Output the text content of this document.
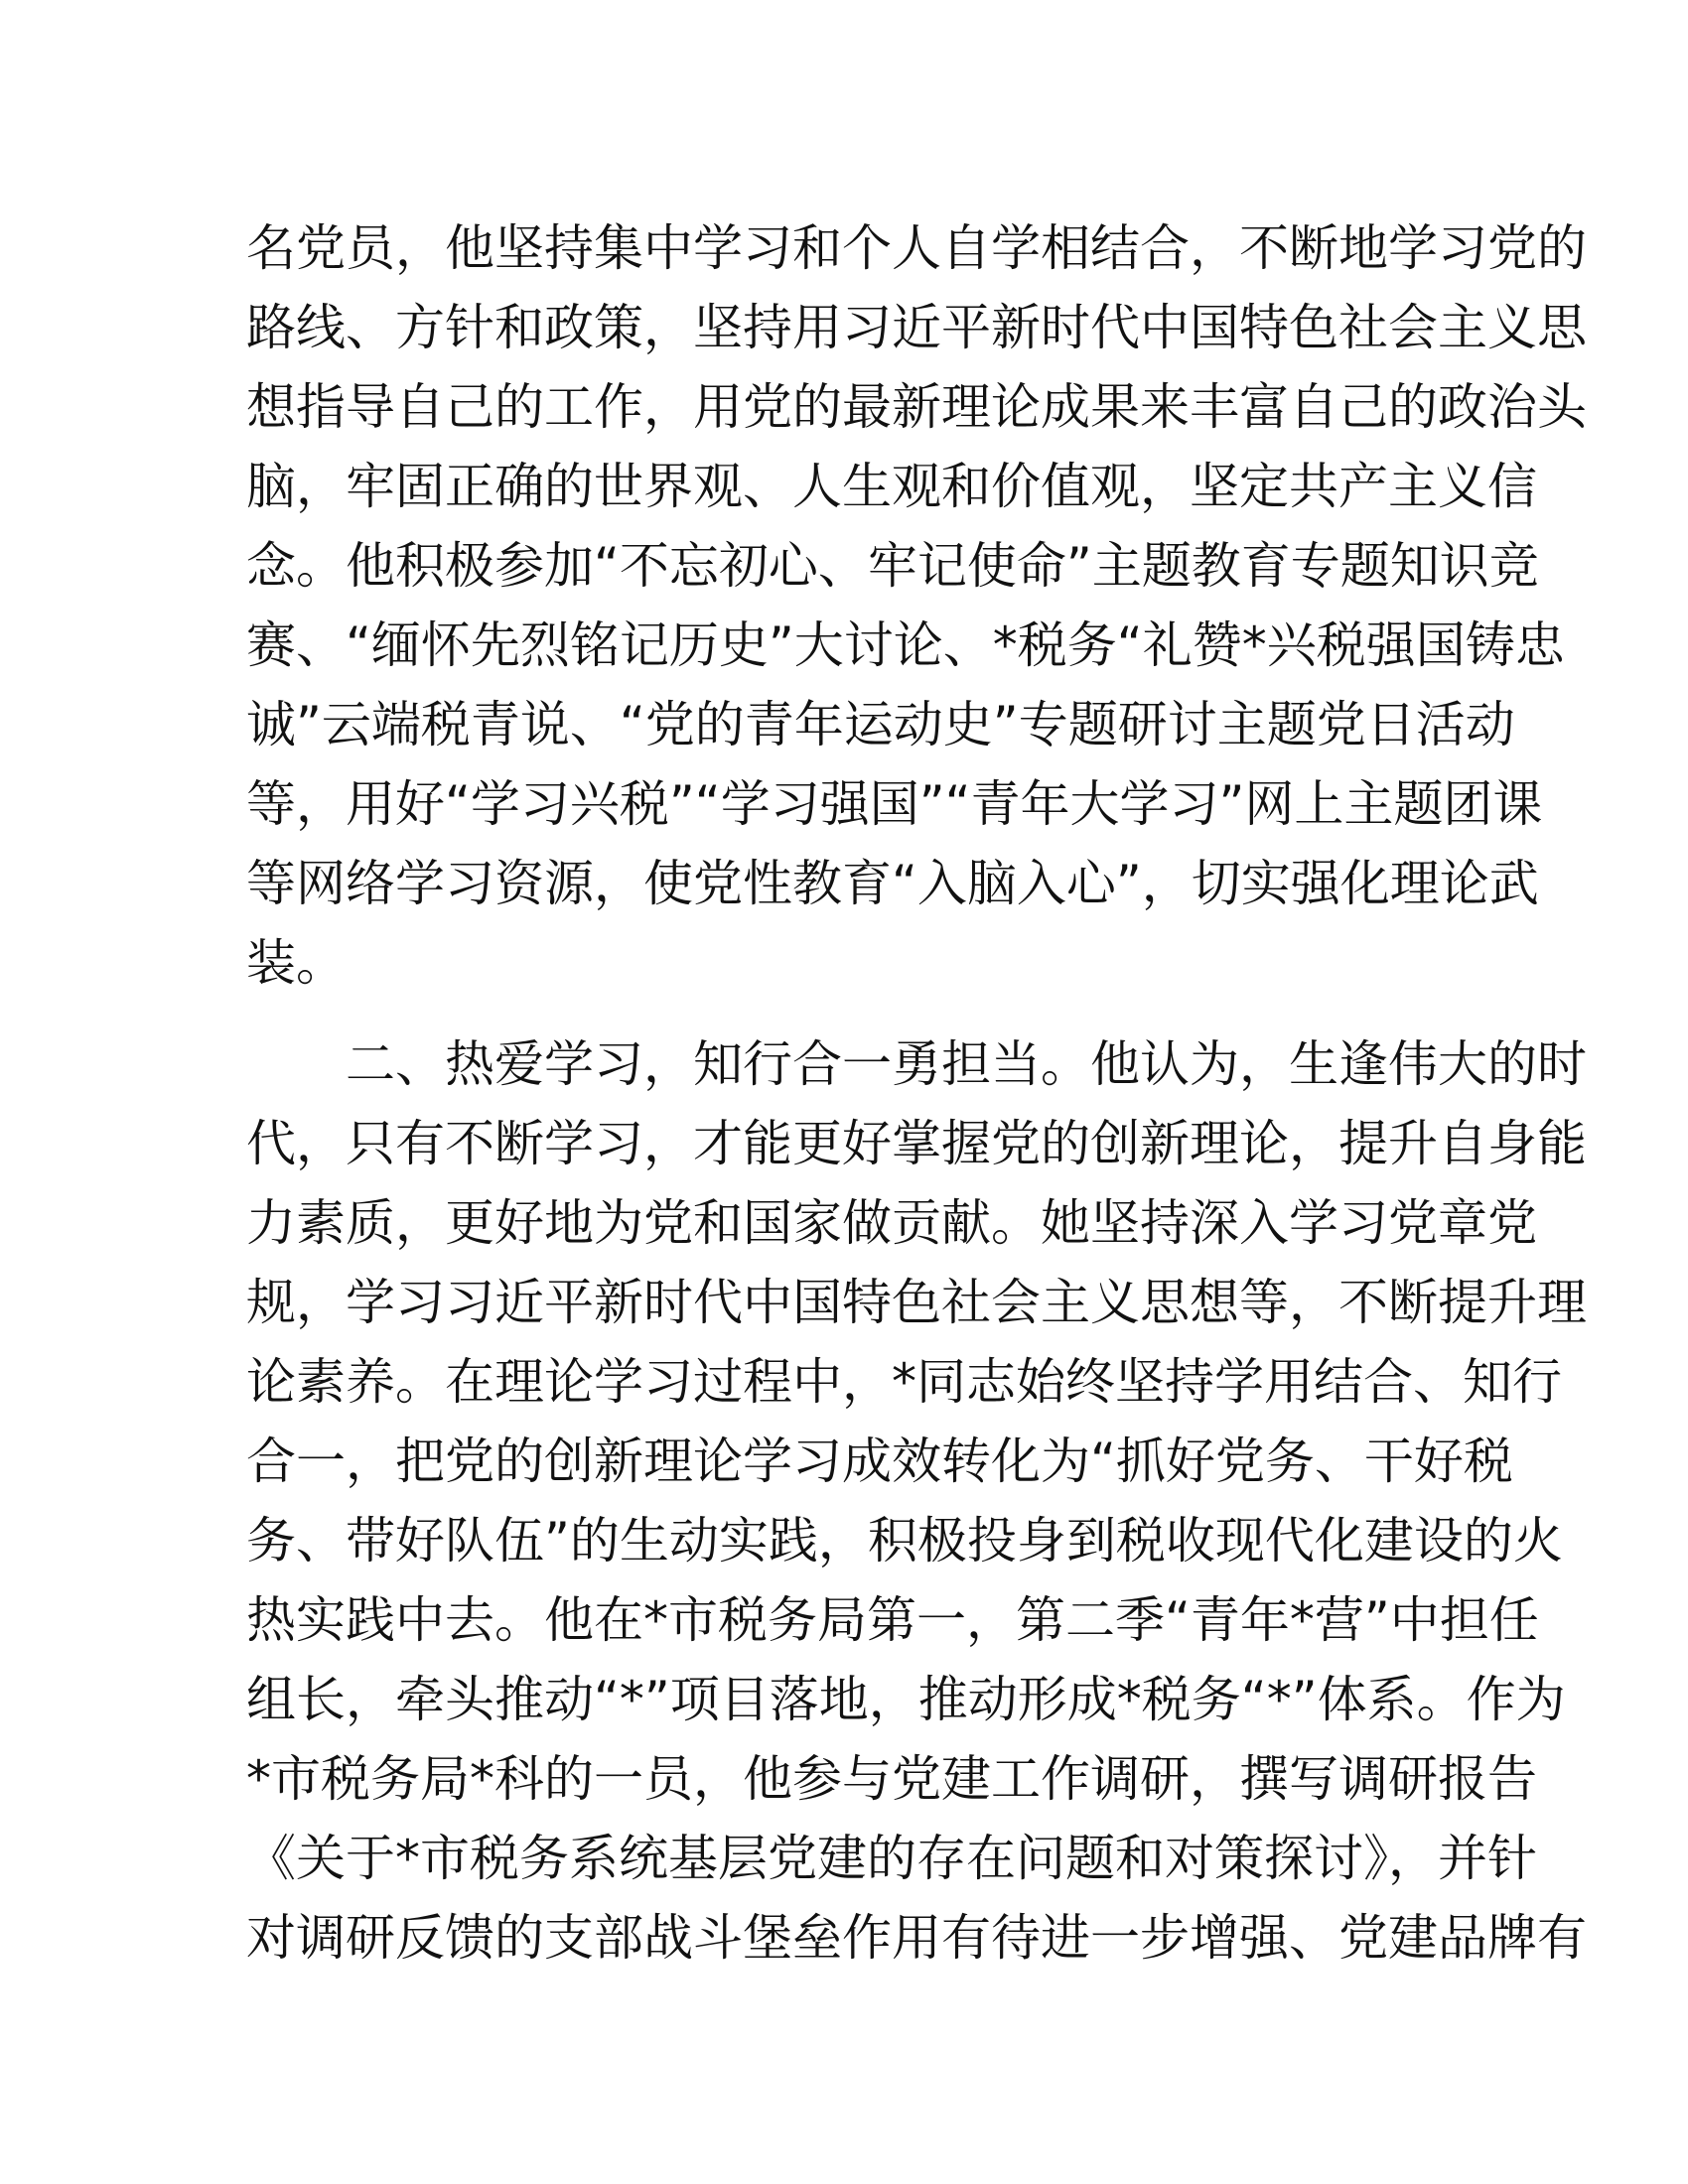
名党员，他坚持集中学习和个人自学相结合，不断地学习党的
路线、方针和政策，坚持用习近平新时代中国特色社会主义思
想指导自己的工作，用党的最新理论成果来丰富自己的政治头
脑，牢固正确的世界观、人生观和价值观，坚定共产主义信
念。他积极参加“不忘初心、牢记使命”主题教育专题知识竞
赛、“缅怀先烈铭记历史”大讨论、*税务“礼赞*兴税强国铸忠
诚”云端税青说、“党的青年运动史”专题研讨主题党日活动
等，用好“学习兴税”“学习强国”“青年大学习”网上主题团课
等网络学习资源，使党性教育“入脑入心”，切实强化理论武
装。
二、热爱学习，知行合一勇担当。他认为，生逢伟大的时
代，只有不断学习，才能更好掌握党的创新理论，提升自身能
力素质，更好地为党和国家做贡献。她坚持深入学习党章党
规，学习习近平新时代中国特色社会主义思想等，不断提升理
论素养。在理论学习过程中，*同志始终坚持学用结合、知行
合一，把党的创新理论学习成效转化为“抓好党务、干好税
务、带好队伍”的生动实践，积极投身到税收现代化建设的火
热实践中去。他在*市税务局第一，第二季“青年*营”中担任
组长，牵头推动“*”项目落地，推动形成*税务“*”体系。作为
*市税务局*科的一员，他参与党建工作调研，撰写调研报告
《关于*市税务系统基层党建的存在问题和对策探讨》，并针
对调研反馈的支部战斗堡垒作用有待进一步增强、党建品牌有
